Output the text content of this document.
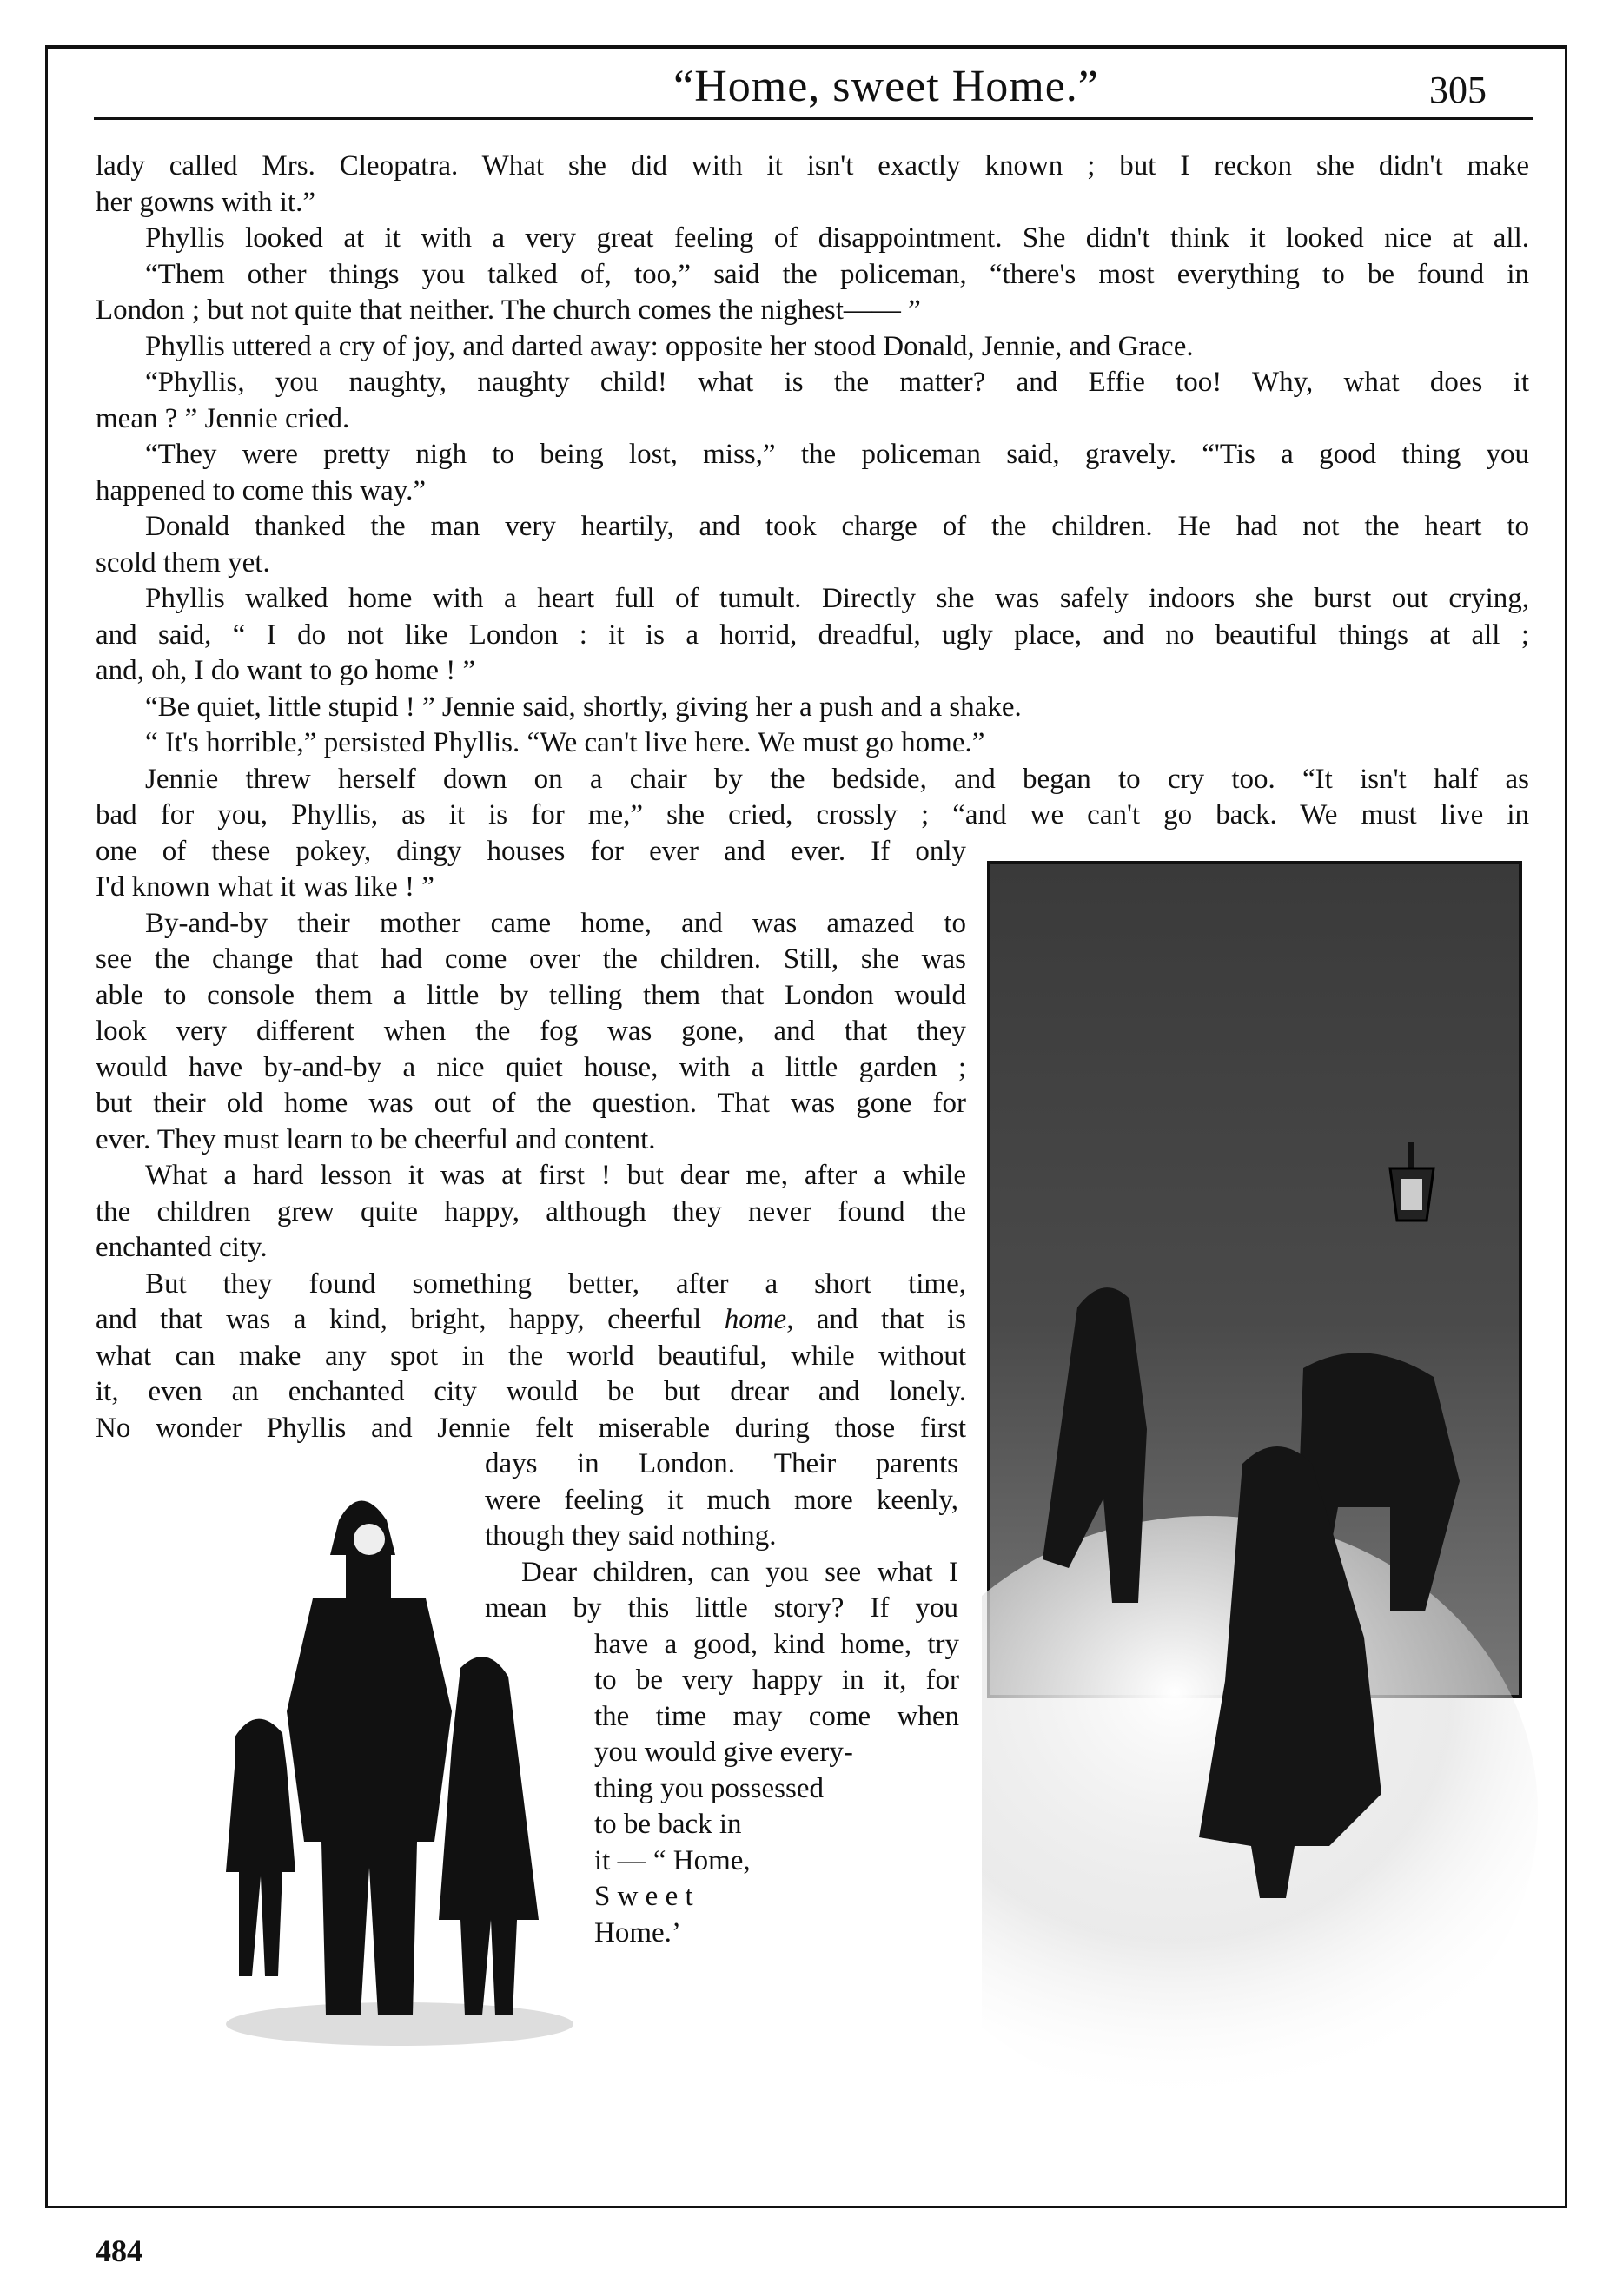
“Home, sweet Home.”	305
lady called Mrs. Cleopatra. What she did with it isn't exactly known ; but I reckon she didn't make
her gowns with it.”
Phyllis looked at it with a very great feeling of disappointment. She didn't think it looked nice at all.
“Them other things you talked of, too,” said the policeman, “there's most everything to be found in
London ; but not quite that neither. The church comes the nighest—— ”
Phyllis uttered a cry of joy, and darted away: opposite her stood Donald, Jennie, and Grace.
“Phyllis, you naughty, naughty child! what is the matter? and Effie too! Why, what does it
mean ? ” Jennie cried.
“They were pretty nigh to being lost, miss,” the policeman said, gravely. “'Tis a good thing you
happened to come this way.”
Donald thanked the man very heartily, and took charge of the children. He had not the heart to
scold them yet.
Phyllis walked home with a heart full of tumult. Directly she was safely indoors she burst out crying,
and said, “ I do not like London : it is a horrid, dreadful, ugly place, and no beautiful things at all ;
and, oh, I do want to go home ! ”
“Be quiet, little stupid ! ” Jennie said, shortly, giving her a push and a shake.
“ It's horrible,” persisted Phyllis. “We can't live here. We must go home.”
Jennie threw herself down on a chair by the bedside, and began to cry too. “It isn't half as
bad for you, Phyllis, as it is for me,” she cried, crossly ; “and we can't go back. We must live in
one of these pokey, dingy houses for ever and ever. If only
I'd known what it was like ! ”
By-and-by their mother came home, and was amazed to
see the change that had come over the children. Still, she was
able to console them a little by telling them that London would
look very different when the fog was gone, and that they
would have by-and-by a nice quiet house, with a little garden ;
but their old home was out of the question. That was gone for
ever. They must learn to be cheerful and content.
What a hard lesson it was at first ! but dear me, after a while
the children grew quite happy, although they never found the
enchanted city.
But they found something better, after a short time,
and that was a kind, bright, happy, cheerful home, and that is
what can make any spot in the world beautiful, while without
it, even an enchanted city would be but drear and lonely.
No wonder Phyllis and Jennie felt miserable during those first
days in London. Their parents
were feeling it much more keenly,
though they said nothing.
Dear children, can you see what I
mean by this little story? If you
have a good, kind home, try
to be very happy in it, for
the time may come when
you would give every-
thing you possessed
to be back in
it — “ Home,
S w e e t
Home.’
484
